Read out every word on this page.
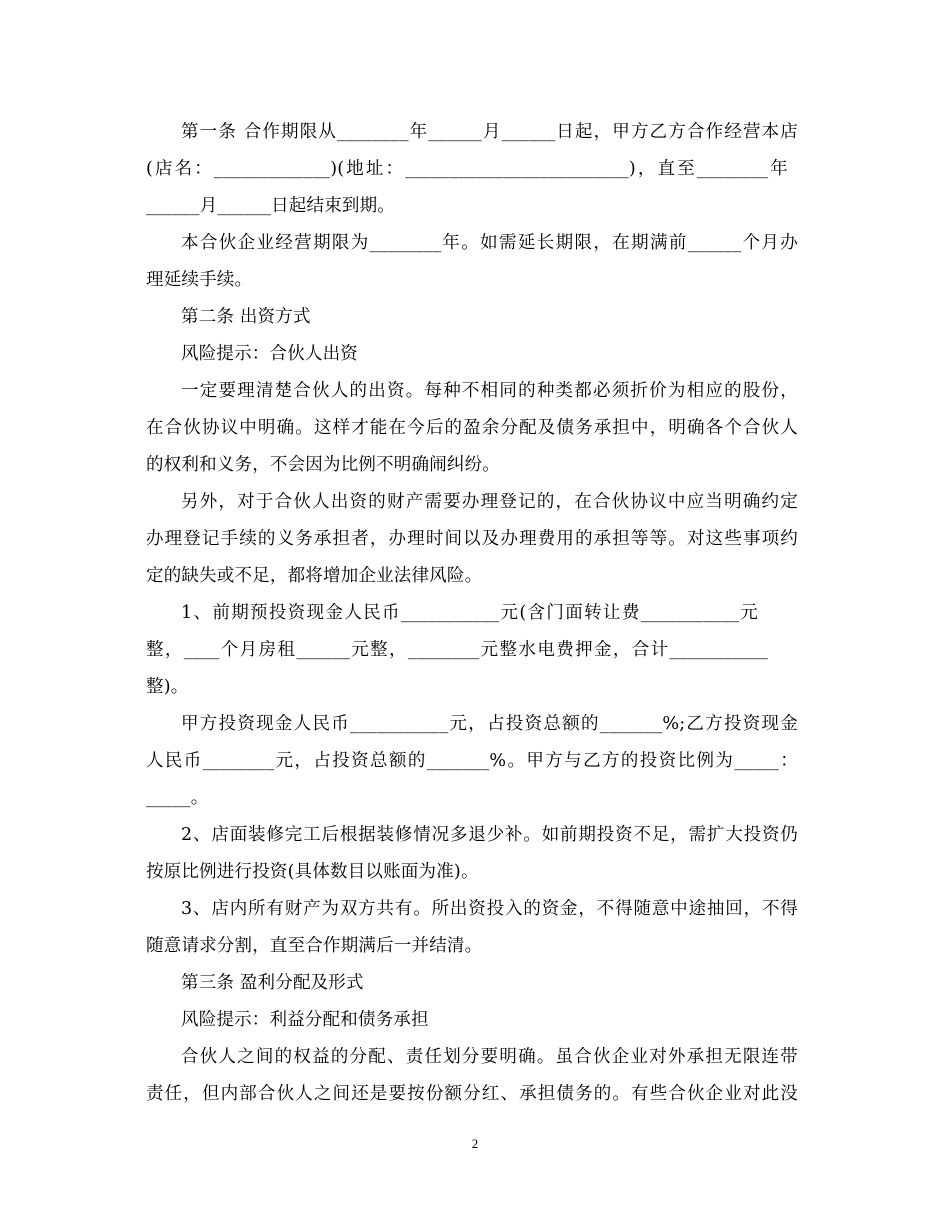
第一条 合作期限从________年______月______日起，甲方乙方合作经营本店
(店名：_____________)(地址：_________________________)，直至________年
______月______日起结束到期。
本合伙企业经营期限为________年。如需延长期限，在期满前______个月办
理延续手续。
第二条 出资方式
风险提示：合伙人出资
一定要理清楚合伙人的出资。每种不相同的种类都必须折价为相应的股份，
在合伙协议中明确。这样才能在今后的盈余分配及债务承担中，明确各个合伙人
的权利和义务，不会因为比例不明确闹纠纷。
另外，对于合伙人出资的财产需要办理登记的，在合伙协议中应当明确约定
办理登记手续的义务承担者，办理时间以及办理费用的承担等等。对这些事项约
定的缺失或不足，都将增加企业法律风险。
1、前期预投资现金人民币___________元(含门面转让费___________元
整，____个月房租______元整，________元整水电费押金，合计___________
整)。
甲方投资现金人民币___________元，占投资总额的_______%;乙方投资现金
人民币________元，占投资总额的_______%。甲方与乙方的投资比例为_____：
_____。
2、店面装修完工后根据装修情况多退少补。如前期投资不足，需扩大投资仍
按原比例进行投资(具体数目以账面为准)。
3、店内所有财产为双方共有。所出资投入的资金，不得随意中途抽回，不得
随意请求分割，直至合作期满后一并结清。
第三条 盈利分配及形式
风险提示：利益分配和债务承担
合伙人之间的权益的分配、责任划分要明确。虽合伙企业对外承担无限连带
责任，但内部合伙人之间还是要按份额分红、承担债务的。有些合伙企业对此没
2
